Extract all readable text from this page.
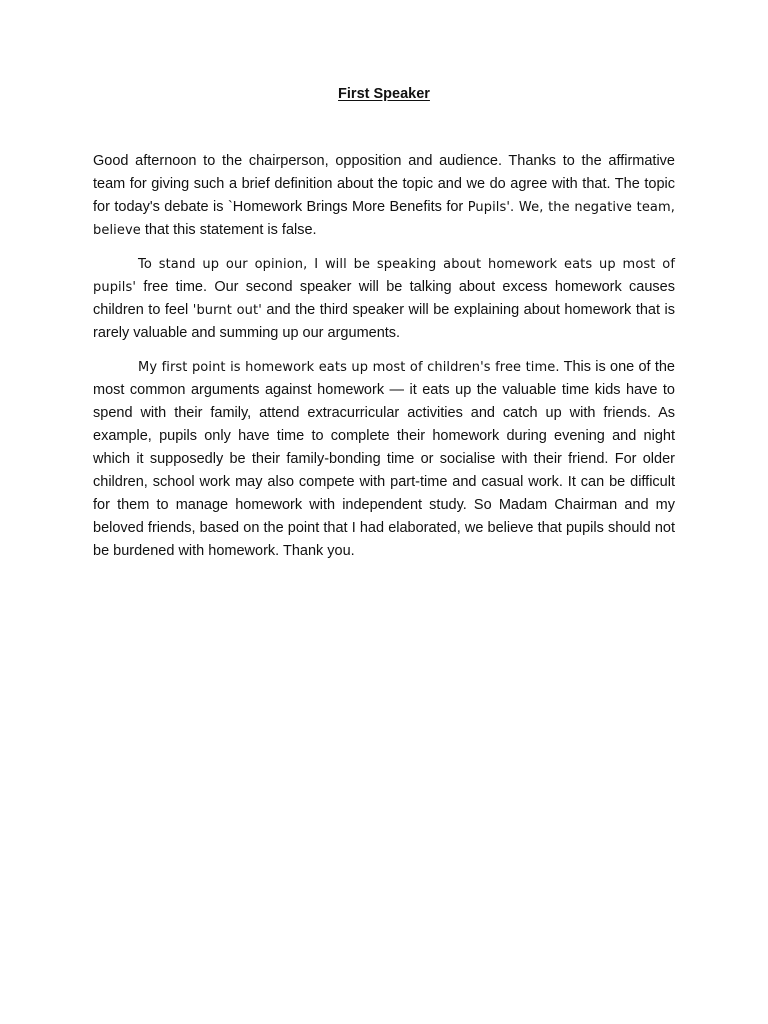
First Speaker

Good afternoon to the chairperson, opposition and audience. Thanks to the affirmative team for giving such a brief definition about the topic and we do agree with that. The topic for today's debate is `Homework Brings More Benefits for Pupils'. We, the negative team, believe that this statement is false.

To stand up our opinion, I will be speaking about homework eats up most of pupils' free time. Our second speaker will be talking about excess homework causes children to feel 'burnt out' and the third speaker will be explaining about homework that is rarely valuable and summing up our arguments.

My first point is homework eats up most of children's free time. This is one of the most common arguments against homework — it eats up the valuable time kids have to spend with their family, attend extracurricular activities and catch up with friends. As example, pupils only have time to complete their homework during evening and night which it supposedly be their family-bonding time or socialise with their friend. For older children, school work may also compete with part-time and casual work. It can be difficult for them to manage homework with independent study. So Madam Chairman and my beloved friends, based on the point that I had elaborated, we believe that pupils should not be burdened with homework. Thank you.
